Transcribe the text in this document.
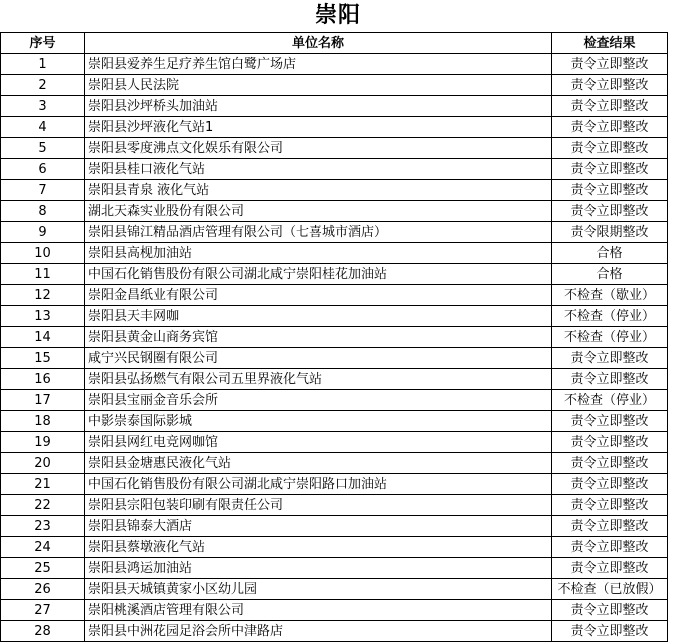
崇阳
序号	单位名称	检查结果
1	崇阳县爱养生足疗养生馆白鹭广场店	责令立即整改
2	崇阳县人民法院	责令立即整改
3	崇阳县沙坪桥头加油站	责令立即整改
4	崇阳县沙坪液化气站1	责令立即整改
5	崇阳县零度沸点文化娱乐有限公司	责令立即整改
6	崇阳县桂口液化气站	责令立即整改
7	崇阳县青泉 液化气站	责令立即整改
8	湖北天森实业股份有限公司	责令立即整改
9	崇阳县锦江精品酒店管理有限公司（七喜城市酒店）	责令限期整改
10	崇阳县高枧加油站	合格
11	中国石化销售股份有限公司湖北咸宁崇阳桂花加油站	合格
12	崇阳金昌纸业有限公司	不检查（歇业）
13	崇阳县天丰网咖	不检查（停业）
14	崇阳县黄金山商务宾馆	不检查（停业）
15	咸宁兴民钢圈有限公司	责令立即整改
16	崇阳县弘扬燃气有限公司五里界液化气站	责令立即整改
17	崇阳县宝丽金音乐会所	不检查（停业）
18	中影崇泰国际影城	责令立即整改
19	崇阳县网红电竞网咖馆	责令立即整改
20	崇阳县金塘惠民液化气站	责令立即整改
21	中国石化销售股份有限公司湖北咸宁崇阳路口加油站	责令立即整改
22	崇阳县宗阳包装印刷有限责任公司	责令立即整改
23	崇阳县锦泰大酒店	责令立即整改
24	崇阳县蔡墩液化气站	责令立即整改
25	崇阳县鸿运加油站	责令立即整改
26	崇阳县天城镇黄家小区幼儿园	不检查（已放假）
27	崇阳桃溪酒店管理有限公司	责令立即整改
28	崇阳县中洲花园足浴会所中津路店	责令立即整改
